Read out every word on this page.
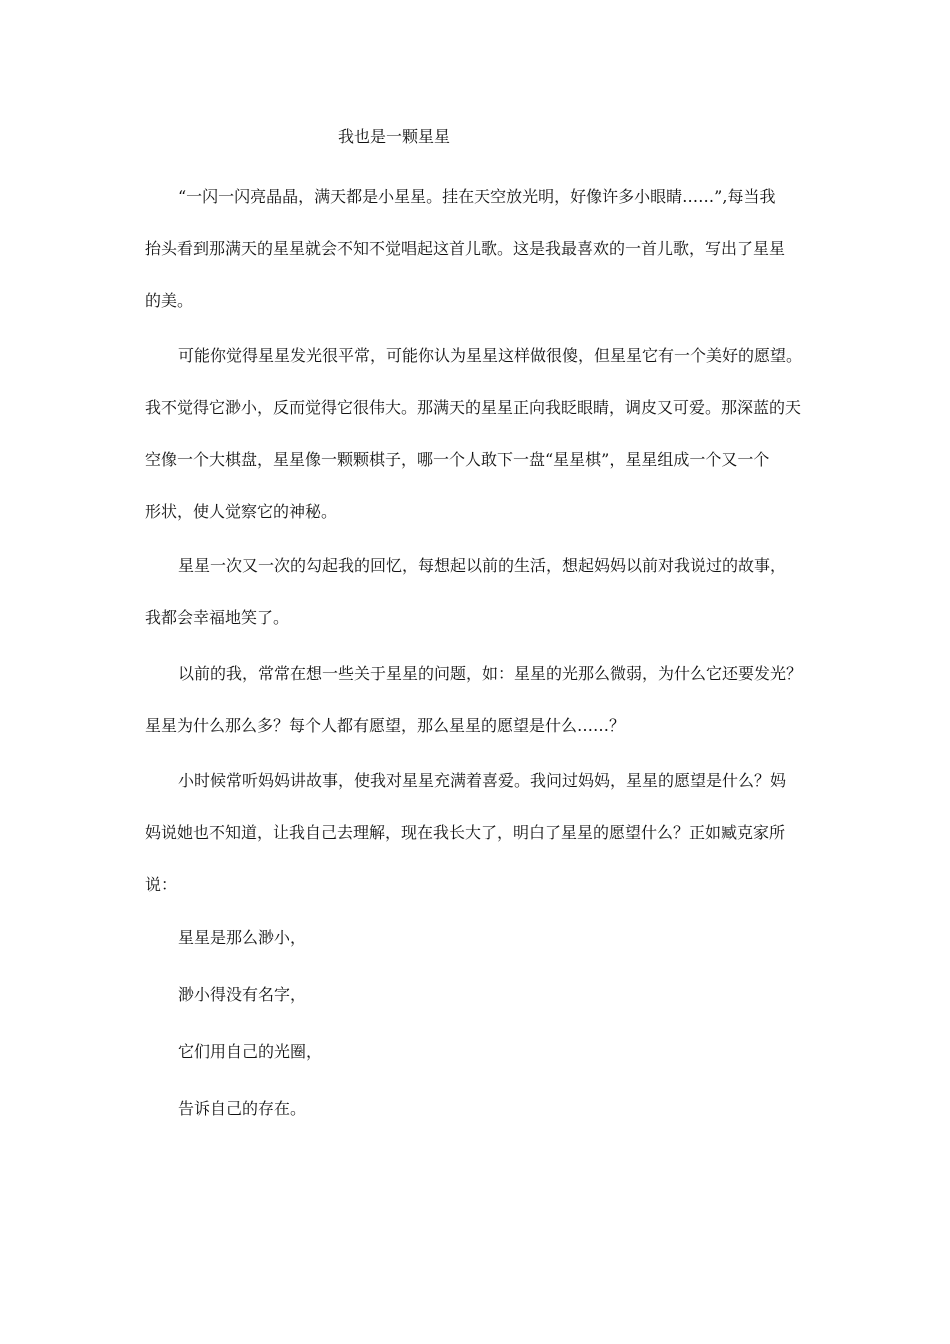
我也是一颗星星
“一闪一闪亮晶晶，满天都是小星星。挂在天空放光明，好像许多小眼睛……”,每当我
抬头看到那满天的星星就会不知不觉唱起这首儿歌。这是我最喜欢的一首儿歌，写出了星星
的美。
可能你觉得星星发光很平常，可能你认为星星这样做很傻，但星星它有一个美好的愿望。
我不觉得它渺小，反而觉得它很伟大。那满天的星星正向我眨眼睛，调皮又可爱。那深蓝的天
空像一个大棋盘，星星像一颗颗棋子，哪一个人敢下一盘“星星棋”，星星组成一个又一个
形状，使人觉察它的神秘。
星星一次又一次的勾起我的回忆，每想起以前的生活，想起妈妈以前对我说过的故事，
我都会幸福地笑了。
以前的我，常常在想一些关于星星的问题，如：星星的光那么微弱，为什么它还要发光？
星星为什么那么多？每个人都有愿望，那么星星的愿望是什么……？
小时候常听妈妈讲故事，使我对星星充满着喜爱。我问过妈妈，星星的愿望是什么？妈
妈说她也不知道，让我自己去理解，现在我长大了，明白了星星的愿望什么？正如臧克家所
说：
星星是那么渺小，
渺小得没有名字，
它们用自己的光圈，
告诉自己的存在。
